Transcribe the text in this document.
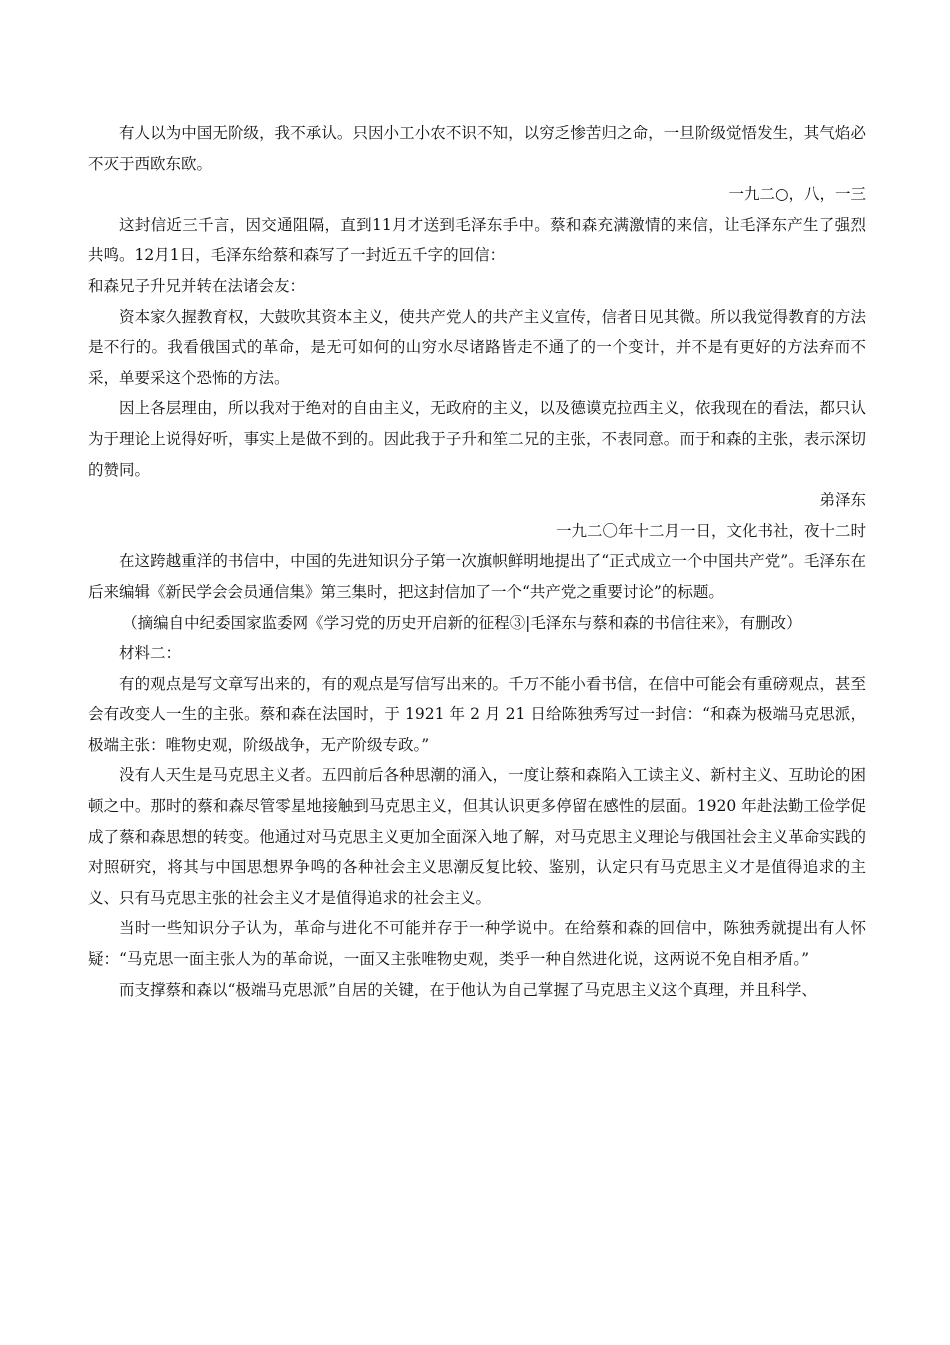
有人以为中国无阶级，我不承认。只因小工小农不识不知，以穷乏惨苦归之命，一旦阶级觉悟发生，其气焰必不灭于西欧东欧。

一九二○，八，一三

这封信近三千言，因交通阻隔，直到11月才送到毛泽东手中。蔡和森充满激情的来信，让毛泽东产生了强烈共鸣。12月1日，毛泽东给蔡和森写了一封近五千字的回信：

和森兄子升兄并转在法诸会友：

资本家久握教育权，大鼓吹其资本主义，使共产党人的共产主义宣传，信者日见其微。所以我觉得教育的方法是不行的。我看俄国式的革命，是无可如何的山穷水尽诸路皆走不通了的一个变计，并不是有更好的方法弃而不采，单要采这个恐怖的方法。

因上各层理由，所以我对于绝对的自由主义，无政府的主义，以及德谟克拉西主义，依我现在的看法，都只认为于理论上说得好听，事实上是做不到的。因此我于子升和笙二兄的主张，不表同意。而于和森的主张，表示深切的赞同。

弟泽东

一九二〇年十二月一日，文化书社，夜十二时

在这跨越重洋的书信中，中国的先进知识分子第一次旗帜鲜明地提出了“正式成立一个中国共产党”。毛泽东在后来编辑《新民学会会员通信集》第三集时，把这封信加了一个“共产党之重要讨论”的标题。

（摘编自中纪委国家监委网《学习党的历史开启新的征程③|毛泽东与蔡和森的书信往来》，有删改）

材料二：

有的观点是写文章写出来的，有的观点是写信写出来的。千万不能小看书信，在信中可能会有重磅观点，甚至会有改变人一生的主张。蔡和森在法国时，于 1921 年 2 月 21 日给陈独秀写过一封信：“和森为极端马克思派，极端主张：唯物史观，阶级战争，无产阶级专政。”

没有人天生是马克思主义者。五四前后各种思潮的涌入，一度让蔡和森陷入工读主义、新村主义、互助论的困顿之中。那时的蔡和森尽管零星地接触到马克思主义，但其认识更多停留在感性的层面。1920 年赴法勤工俭学促成了蔡和森思想的转变。他通过对马克思主义更加全面深入地了解，对马克思主义理论与俄国社会主义革命实践的对照研究，将其与中国思想界争鸣的各种社会主义思潮反复比较、鉴别，认定只有马克思主义才是值得追求的主义、只有马克思主张的社会主义才是值得追求的社会主义。

当时一些知识分子认为，革命与进化不可能并存于一种学说中。在给蔡和森的回信中，陈独秀就提出有人怀疑：“马克思一面主张人为的革命说，一面又主张唯物史观，类乎一种自然进化说，这两说不免自相矛盾。”

而支撑蔡和森以“极端马克思派”自居的关键，在于他认为自己掌握了马克思主义这个真理，并且科学、
